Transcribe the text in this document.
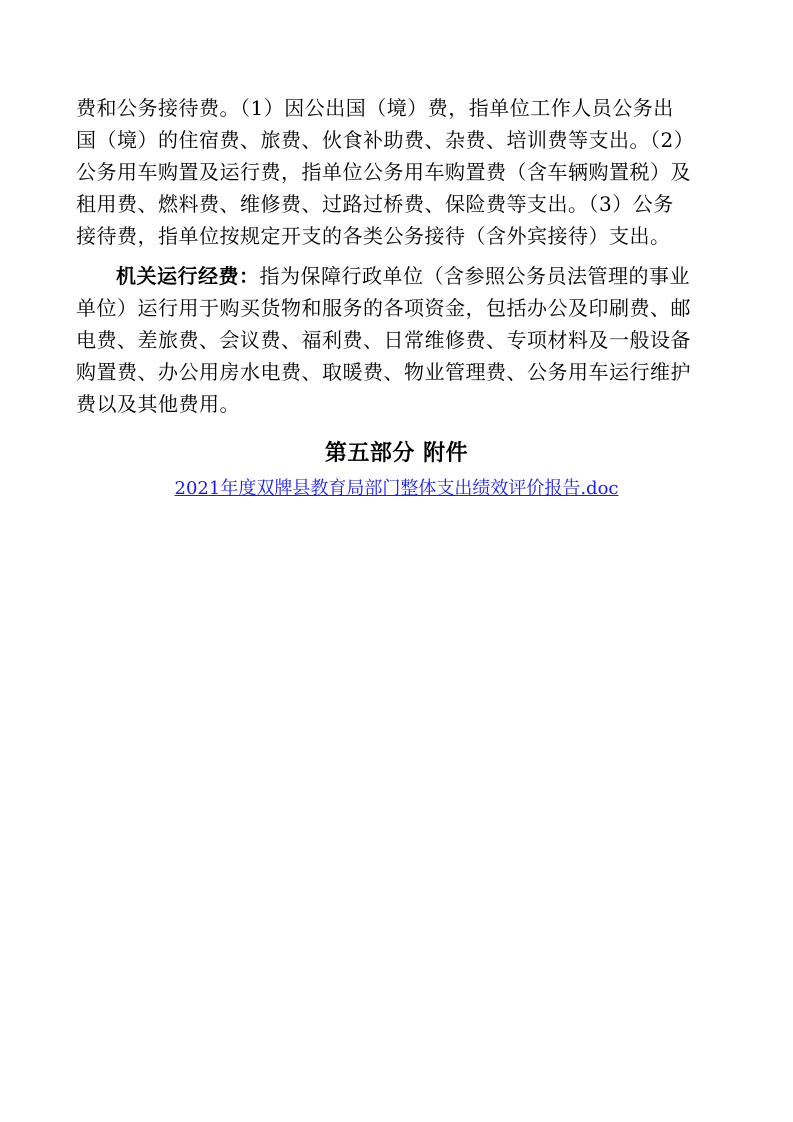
费和公务接待费。（1）因公出国（境）费，指单位工作人员公务出
国（境）的住宿费、旅费、伙食补助费、杂费、培训费等支出。（2）
公务用车购置及运行费，指单位公务用车购置费（含车辆购置税）及
租用费、燃料费、维修费、过路过桥费、保险费等支出。（3）公务
接待费，指单位按规定开支的各类公务接待（含外宾接待）支出。

机关运行经费：指为保障行政单位（含参照公务员法管理的事业
单位）运行用于购买货物和服务的各项资金，包括办公及印刷费、邮
电费、差旅费、会议费、福利费、日常维修费、专项材料及一般设备
购置费、办公用房水电费、取暖费、物业管理费、公务用车运行维护
费以及其他费用。

第五部分 附件
2021年度双牌县教育局部门整体支出绩效评价报告.doc
